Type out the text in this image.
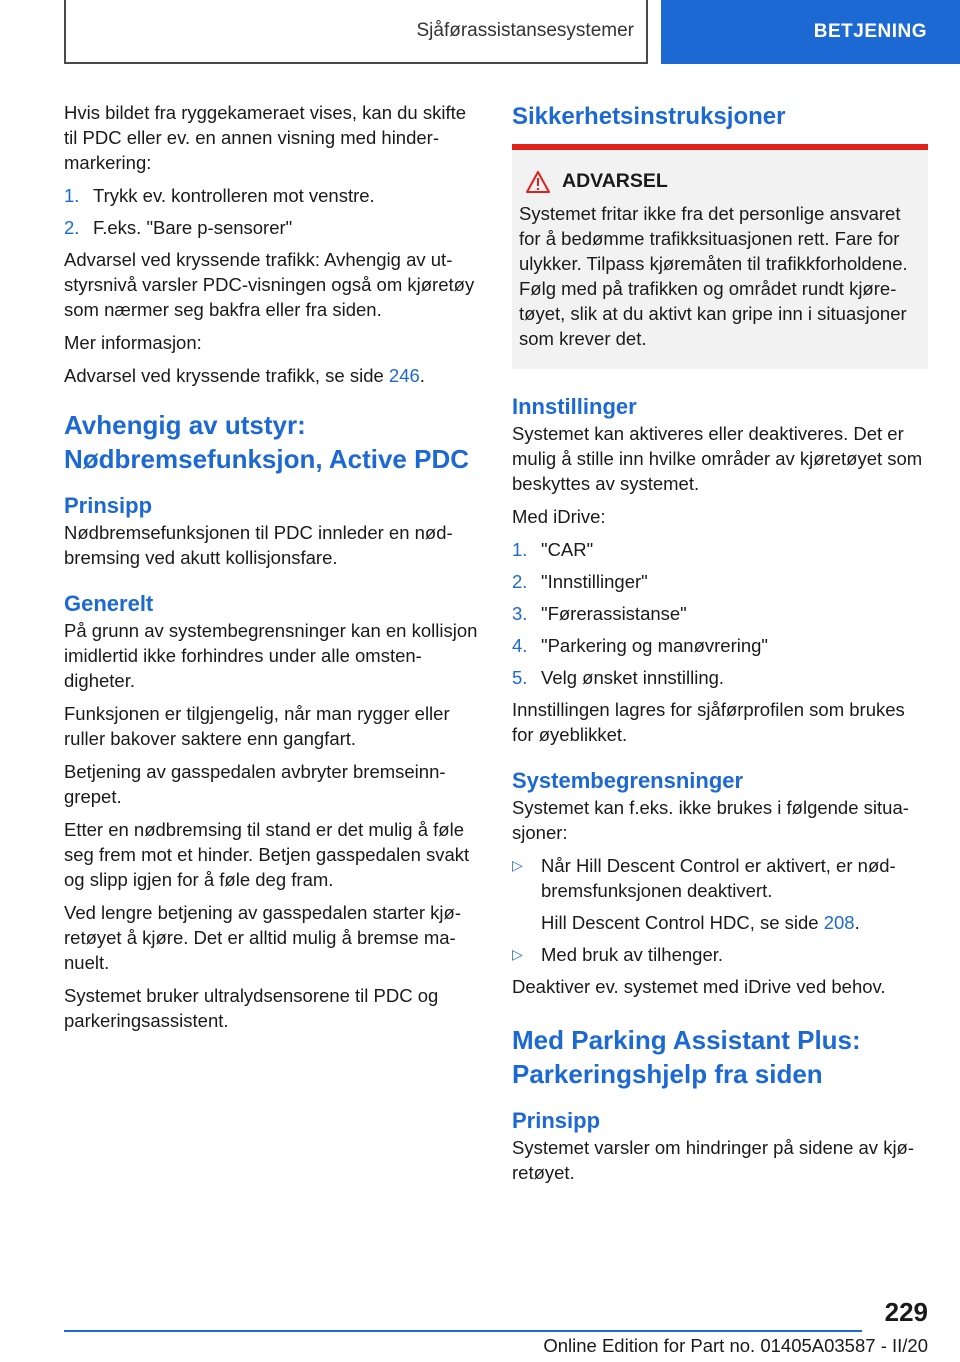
Sjåførassistansesystemer	BETJENING

Hvis bildet fra ryggekameraet vises, kan du skifte til PDC eller ev. en annen visning med hindermarkering:

1. Trykk ev. kontrolleren mot venstre.
2. F.eks. "Bare p-sensorer"

Advarsel ved kryssende trafikk: Avhengig av utstyrsnivå varsler PDC-visningen også om kjøretøy som nærmer seg bakfra eller fra siden.

Mer informasjon:

Advarsel ved kryssende trafikk, se side 246.

Avhengig av utstyr:
Nødbremsefunksjon, Active PDC
Prinsipp

Nødbremsefunksjonen til PDC innleder en nødbremsing ved akutt kollisjonsfare.

Generelt

På grunn av systembegrensninger kan en kollisjon imidlertid ikke forhindres under alle omstendigheter.

Funksjonen er tilgjengelig, når man rygger eller ruller bakover saktere enn gangfart.

Betjening av gasspedalen avbryter bremseinngrepet.

Etter en nødbremsing til stand er det mulig å føle seg frem mot et hinder. Betjen gasspedalen svakt og slipp igjen for å føle deg fram.

Ved lengre betjening av gasspedalen starter kjøretøyet å kjøre. Det er alltid mulig å bremse manuelt.

Systemet bruker ultralydsensorene til PDC og parkeringsassistent.

Sikkerhetsinstruksjoner
ADVARSEL

Systemet fritar ikke fra det personlige ansvaret for å bedømme trafikksituasjonen rett. Fare for ulykker. Tilpass kjøremåten til trafikkforholdene. Følg med på trafikken og området rundt kjøretøyet, slik at du aktivt kan gripe inn i situasjoner som krever det.

Innstillinger

Systemet kan aktiveres eller deaktiveres. Det er mulig å stille inn hvilke områder av kjøretøyet som beskyttes av systemet.

Med iDrive:

1. "CAR"
2. "Innstillinger"
3. "Førerassistanse"
4. "Parkering og manøvrering"
5. Velg ønsket innstilling.

Innstillingen lagres for sjåførprofilen som brukes for øyeblikket.

Systembegrensninger

Systemet kan f.eks. ikke brukes i følgende situasjoner:

▷ Når Hill Descent Control er aktivert, er nødbremsfunksjonen deaktivert.
Hill Descent Control HDC, se side 208.
▷ Med bruk av tilhenger.

Deaktiver ev. systemet med iDrive ved behov.

Med Parking Assistant Plus:
Parkeringshjelp fra siden
Prinsipp

Systemet varsler om hindringer på sidene av kjøretøyet.

229
Online Edition for Part no. 01405A03587 - II/20
